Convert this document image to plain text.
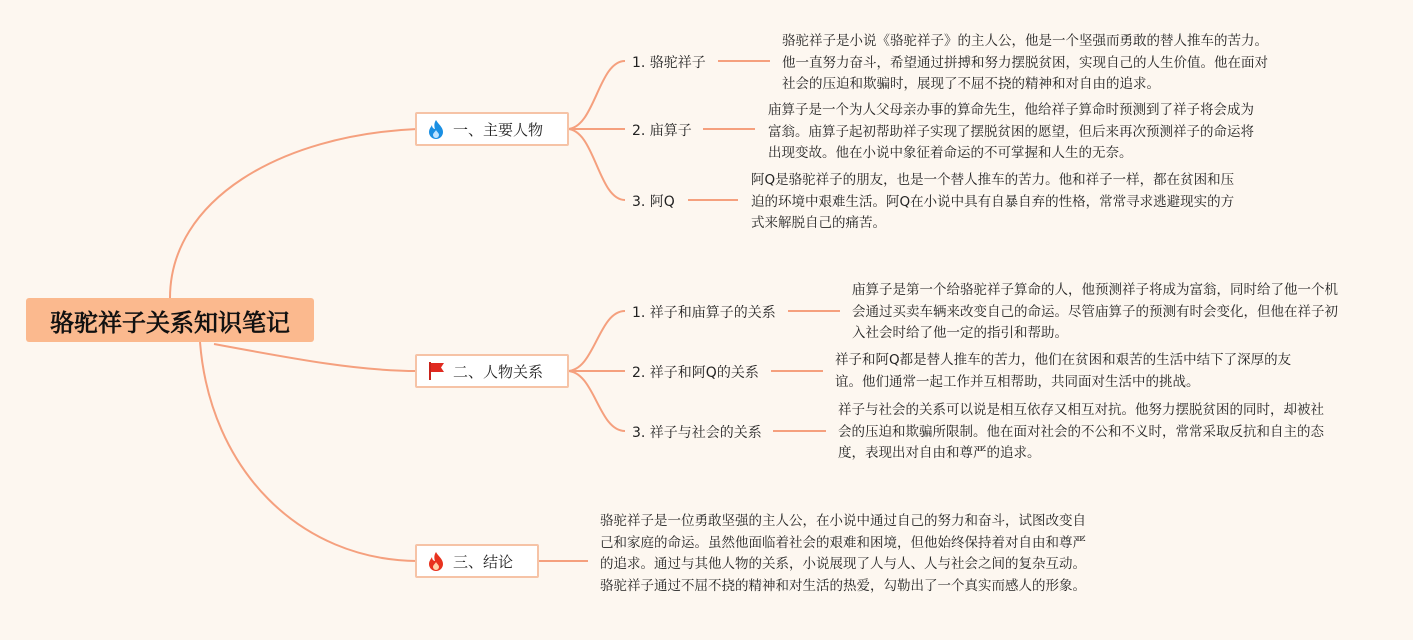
骆驼祥子关系知识笔记
一、主要人物
二、人物关系
三、结论
1. 骆驼祥子
2. 庙算子
3. 阿Q
1. 祥子和庙算子的关系
2. 祥子和阿Q的关系
3. 祥子与社会的关系
骆驼祥子是小说《骆驼祥子》的主人公，他是一个坚强而勇敢的替人推车的苦力。他一直努力奋斗，希望通过拼搏和努力摆脱贫困，实现自己的人生价值。他在面对社会的压迫和欺骗时，展现了不屈不挠的精神和对自由的追求。
庙算子是一个为人父母亲办事的算命先生，他给祥子算命时预测到了祥子将会成为富翁。庙算子起初帮助祥子实现了摆脱贫困的愿望，但后来再次预测祥子的命运将出现变故。他在小说中象征着命运的不可掌握和人生的无奈。
阿Q是骆驼祥子的朋友，也是一个替人推车的苦力。他和祥子一样，都在贫困和压迫的环境中艰难生活。阿Q在小说中具有自暴自弃的性格，常常寻求逃避现实的方式来解脱自己的痛苦。
庙算子是第一个给骆驼祥子算命的人，他预测祥子将成为富翁，同时给了他一个机会通过买卖车辆来改变自己的命运。尽管庙算子的预测有时会变化，但他在祥子初入社会时给了他一定的指引和帮助。
祥子和阿Q都是替人推车的苦力，他们在贫困和艰苦的生活中结下了深厚的友谊。他们通常一起工作并互相帮助，共同面对生活中的挑战。
祥子与社会的关系可以说是相互依存又相互对抗。他努力摆脱贫困的同时，却被社会的压迫和欺骗所限制。他在面对社会的不公和不义时，常常采取反抗和自主的态度，表现出对自由和尊严的追求。
骆驼祥子是一位勇敢坚强的主人公，在小说中通过自己的努力和奋斗，试图改变自己和家庭的命运。虽然他面临着社会的艰难和困境，但他始终保持着对自由和尊严的追求。通过与其他人物的关系，小说展现了人与人、人与社会之间的复杂互动。骆驼祥子通过不屈不挠的精神和对生活的热爱，勾勒出了一个真实而感人的形象。
